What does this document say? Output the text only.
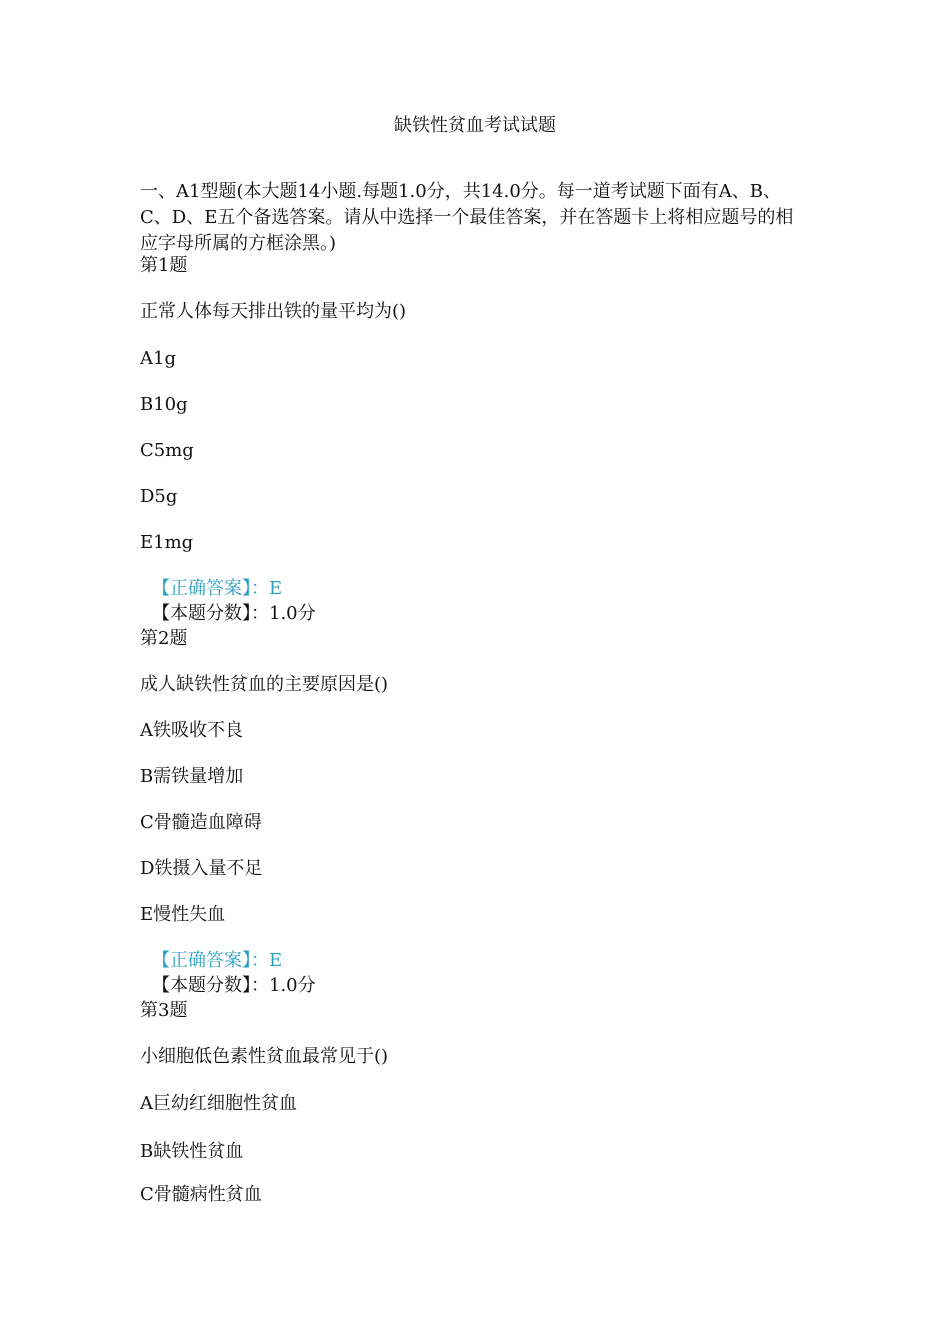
缺铁性贫血考试试题

一、A1型题(本大题14小题.每题1.0分，共14.0分。每一道考试题下面有A、B、C、D、E五个备选答案。请从中选择一个最佳答案，并在答题卡上将相应题号的相应字母所属的方框涂黑。)

第1题
正常人体每天排出铁的量平均为()
A1g
B10g
C5mg
D5g
E1mg
【正确答案】：E
【本题分数】：1.0分
第2题
成人缺铁性贫血的主要原因是()
A铁吸收不良
B需铁量增加
C骨髓造血障碍
D铁摄入量不足
E慢性失血
【正确答案】：E
【本题分数】：1.0分
第3题
小细胞低色素性贫血最常见于()
A巨幼红细胞性贫血
B缺铁性贫血
C骨髓病性贫血
